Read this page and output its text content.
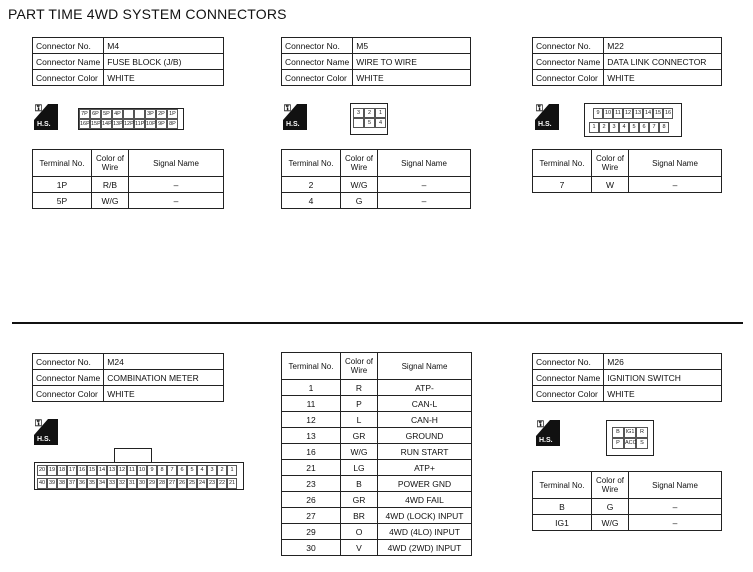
PART TIME 4WD SYSTEM CONNECTORS
Connector No.	M4
Connector Name	FUSE BLOCK (J/B)
Connector Color	WHITE
⚿
H.S.
7P 6P 5P 4P	3P 2P 1P
16P 15P 14P 13P 12P 11P 10P 9P 8P
Terminal No.	Color of Wire	Signal Name
1P	R/B	–
5P	W/G	–
Connector No.	M5
Connector Name	WIRE TO WIRE
Connector Color	WHITE
⚿
H.S.
3	2	1
5	4
Terminal No.	Color of Wire	Signal Name
2	W/G	–
4	G	–
Connector No.	M22
Connector Name	DATA LINK CONNECTOR
Connector Color	WHITE
⚿
H.S.
9 10 11 12 13 14 15 16
1	2	3	4	5	6	7	8
Terminal No.	Color of Wire	Signal Name
7	W	–
Connector No.	M24
Connector Name	COMBINATION METER
Connector Color	WHITE
⚿
H.S.
20 19 18 17 16 15 14 13 12 11 10 9	8	7	6	5	4	3	2	1
40 39 38 37 36 35 34 33 32 31 30 29 28 27 26 25 24 23 22 21
Terminal No.	Color of Wire	Signal Name
1	R	ATP-
11	P	CAN-L
12	L	CAN-H
13	GR	GROUND
16	W/G	RUN START
21	LG	ATP+
23	B	POWER GND
26	GR	4WD FAIL
27	BR	4WD (LOCK) INPUT
29	O	4WD (4LO) INPUT
30	V	4WD (2WD) INPUT
Connector No.	M26
Connector Name	IGNITION SWITCH
Connector Color	WHITE
⚿
H.S.
B	IG1	R
P ACC S
Terminal No.	Color of Wire	Signal Name
B	G	–
IG1	W/G	–
